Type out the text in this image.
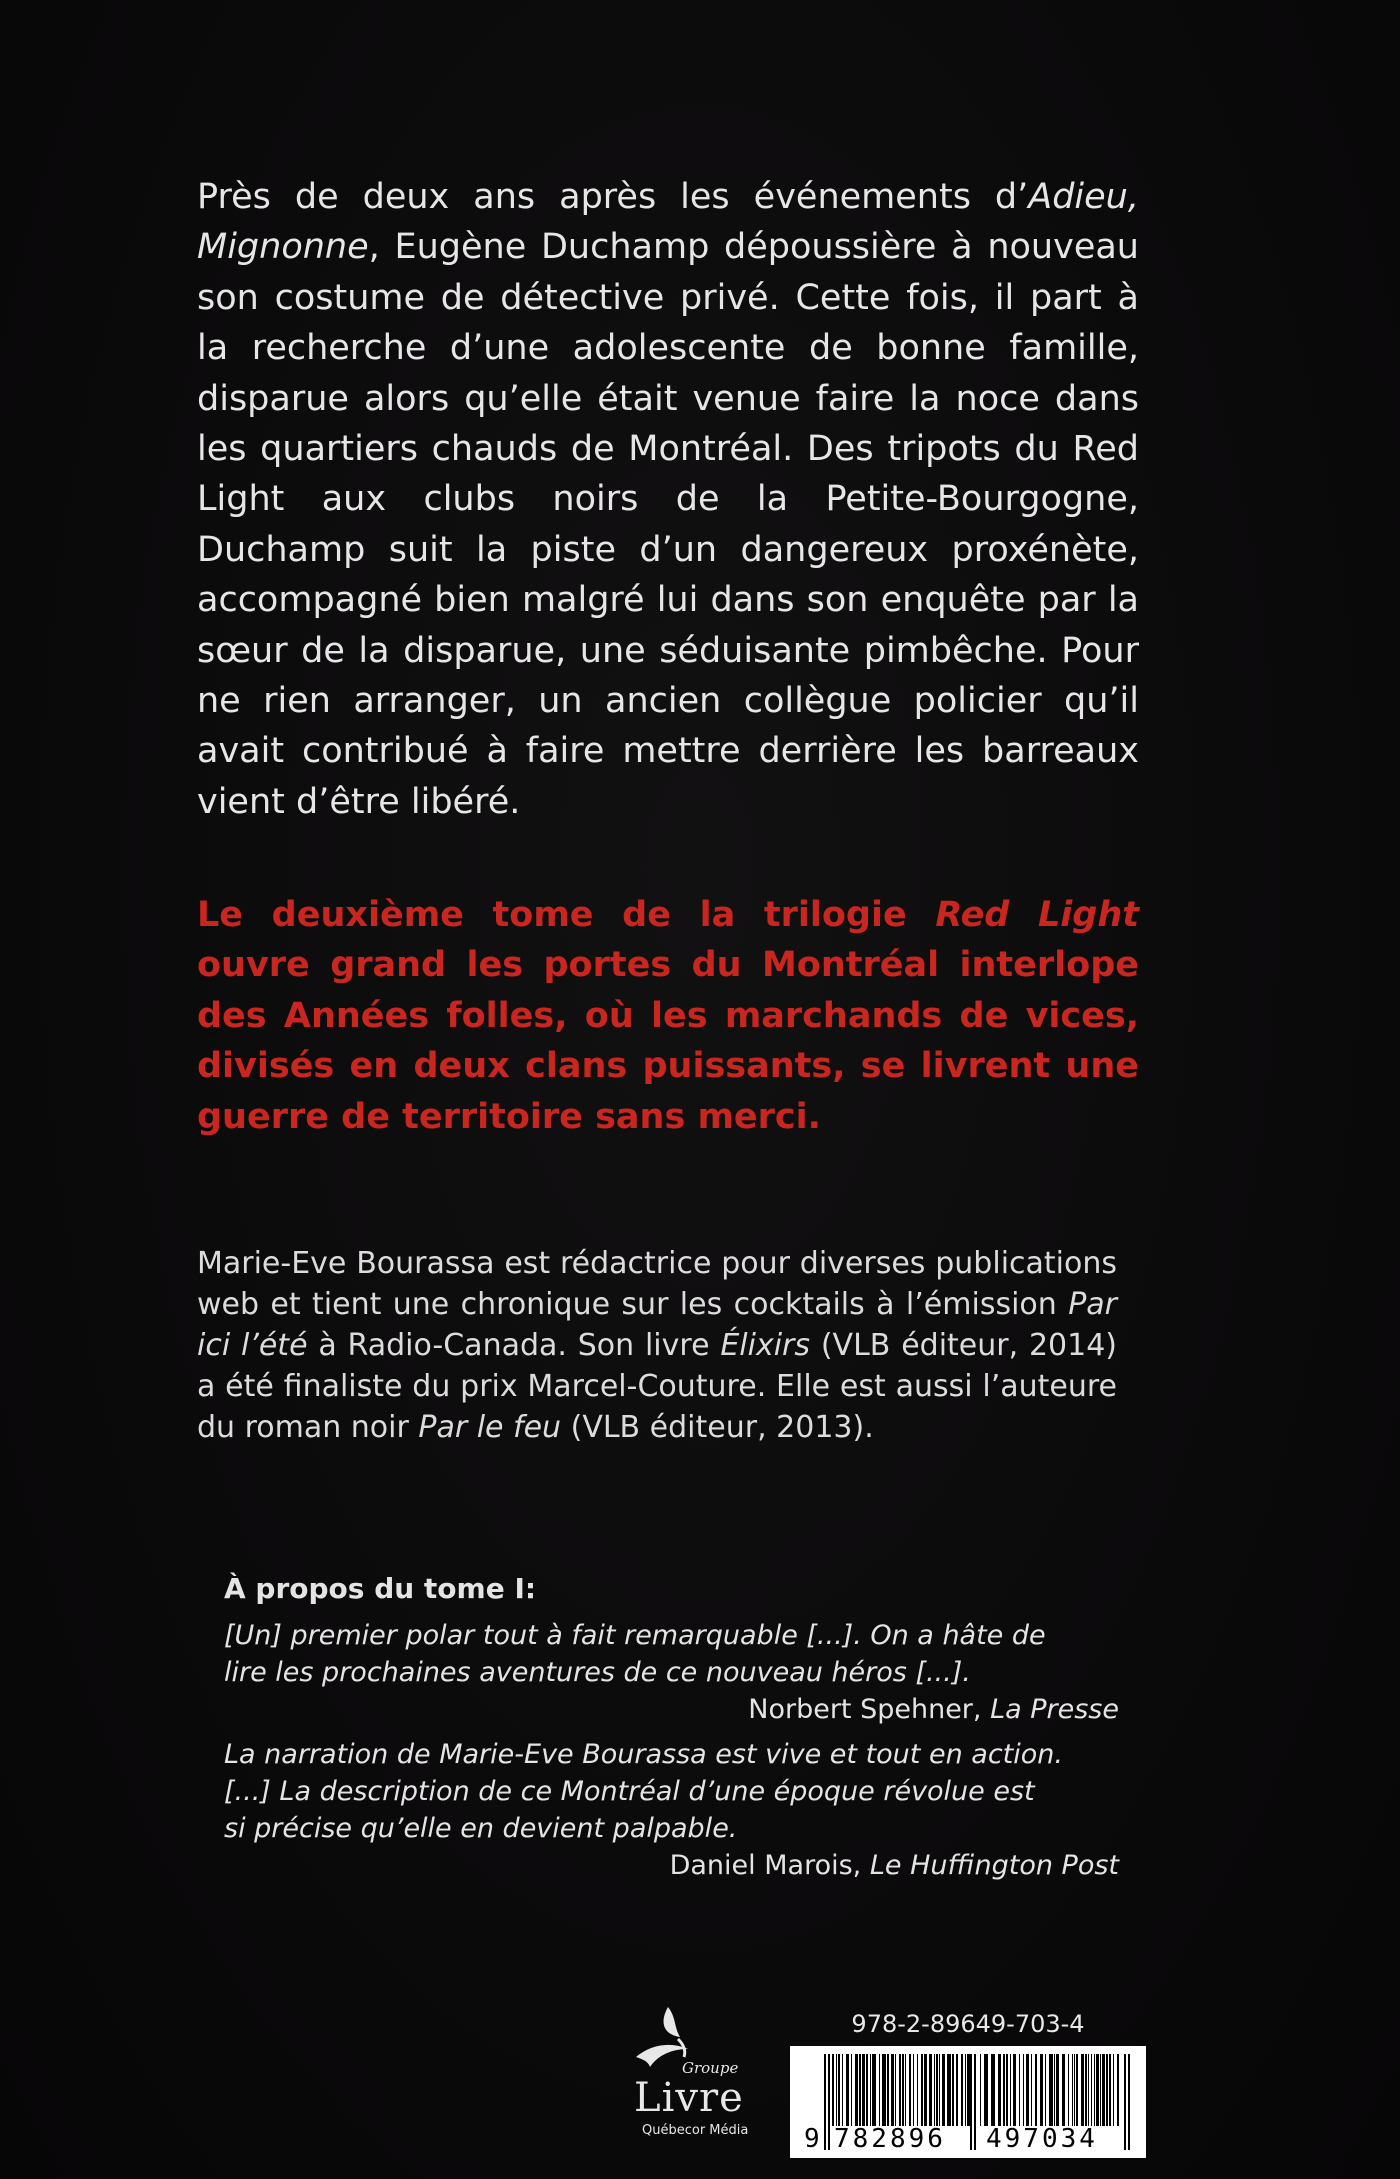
Près de deux ans après les événements d’Adieu, Mignonne, Eugène Duchamp dépoussière à nouveau son costume de détective privé. Cette fois, il part à la recherche d’une adolescente de bonne famille, disparue alors qu’elle était venue faire la noce dans les quartiers chauds de Montréal. Des tripots du Red Light aux clubs noirs de la Petite-Bourgogne, Duchamp suit la piste d’un dangereux proxénète, accompagné bien malgré lui dans son enquête par la sœur de la disparue, une séduisante pimbêche. Pour ne rien arranger, un ancien collègue policier qu’il avait contribué à faire mettre derrière les barreaux vient d’être libéré.

Le deuxième tome de la trilogie Red Light ouvre grand les portes du Montréal interlope des Années folles, où les marchands de vices, divisés en deux clans puissants, se livrent une guerre de territoire sans merci.

Marie-Eve Bourassa est rédactrice pour diverses publications web et tient une chronique sur les cocktails à l’émission Par ici l’été à Radio-Canada. Son livre Élixirs (VLB éditeur, 2014) a été finaliste du prix Marcel-Couture. Elle est aussi l’auteure du roman noir Par le feu (VLB éditeur, 2013).

À propos du tome I:

[Un] premier polar tout à fait remarquable [...]. On a hâte de
lire les prochaines aventures de ce nouveau héros [...].

Norbert Spehner, La Presse

La narration de Marie-Eve Bourassa est vive et tout en action.
[...] La description de ce Montréal d’une époque révolue est
si précise qu’elle en devient palpable.

Daniel Marois, Le Huffington Post

Groupe
Livre
Québecor Média
978-2-89649-703-4
9 782896 497034
